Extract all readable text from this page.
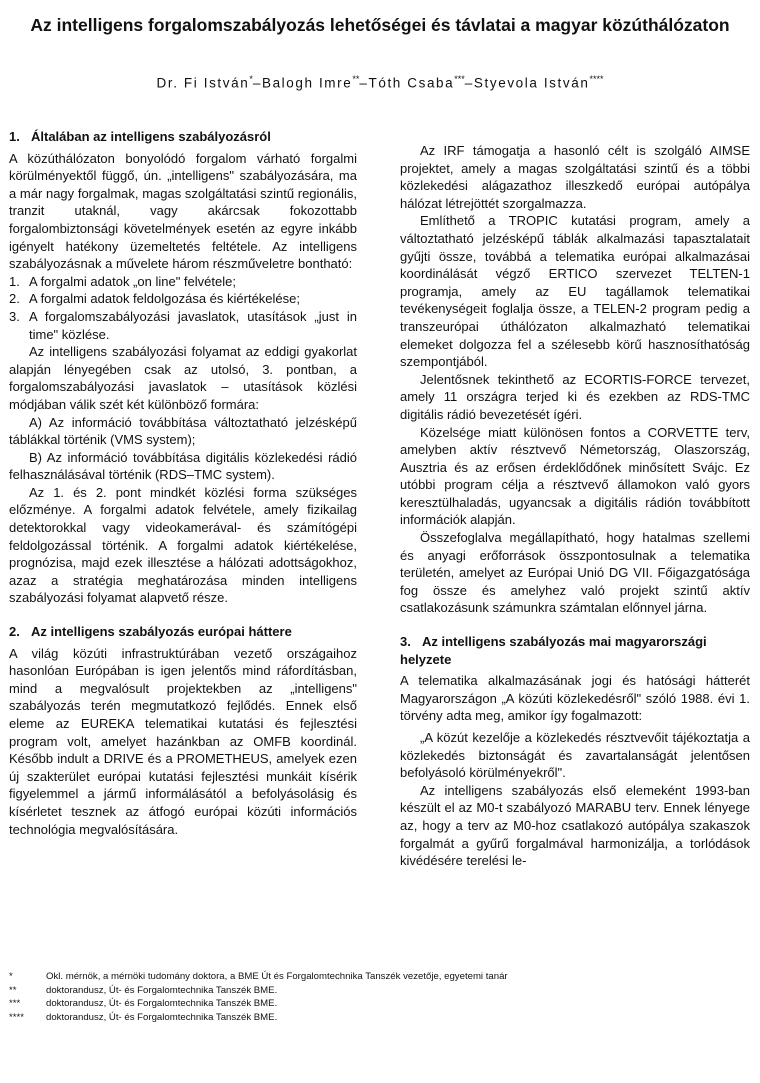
Az intelligens forgalomszabályozás lehetőségei és távlatai a magyar közúthálózaton
Dr. Fi István*–Balogh Imre**–Tóth Csaba***–Styevola István****
1. Általában az intelligens szabályozásról

A közúthálózaton bonyolódó forgalom várható forgalmi körülményektől függő, ún. „intelligens" szabályozására, ma a már nagy forgalmak, magas szolgáltatási szintű regionális, tranzit utaknál, vagy akárcsak fokozottabb forgalombiztonsági követelmények esetén az egyre inkább igényelt hatékony üzemeltetés feltétele. Az intelligens szabályozásnak a művelete három részműveletre bontható:

1. A forgalmi adatok „on line" felvétele;
2. A forgalmi adatok feldolgozása és kiértékelése;
3. A forgalomszabályozási javaslatok, utasítások „just in time" közlése.

Az intelligens szabályozási folyamat az eddigi gyakorlat alapján lényegében csak az utolsó, 3. pontban, a forgalomszabályozási javaslatok – utasítások közlési módjában válik szét két különböző formára:

A) Az információ továbbítása változtatható jelzésképű táblákkal történik (VMS system);

B) Az információ továbbítása digitális közlekedési rádió felhasználásával történik (RDS–TMC system).

Az 1. és 2. pont mindkét közlési forma szükséges előzménye. A forgalmi adatok felvétele, amely fizikailag detektorokkal vagy videokamerával- és számítógépi feldolgozással történik. A forgalmi adatok kiértékelése, prognózisa, majd ezek illesztése a hálózati adottságokhoz, azaz a stratégia meghatározása minden intelligens szabályozási folyamat alapvető része.

2. Az intelligens szabályozás európai háttere

A világ közúti infrastruktúrában vezető országaihoz hasonlóan Európában is igen jelentős mind ráfordításban, mind a megvalósult projektekben az „intelligens" szabályozás terén megmutatkozó fejlődés. Ennek első eleme az EUREKA telematikai kutatási és fejlesztési program volt, amelyet hazánkban az OMFB koordinál. Később indult a DRIVE és a PROMETHEUS, amelyek ezen új szakterület európai kutatási fejlesztési munkáit kísérik figyelemmel a jármű informálásától a befolyásolásig és kísérletet tesznek az átfogó európai közúti információs technológia megvalósítására.

Az IRF támogatja a hasonló célt is szolgáló AIMSE projektet, amely a magas szolgáltatási szintű és a többi közlekedési alágazathoz illeszkedő európai autópálya hálózat létrejöttét szorgalmazza.

Említhető a TROPIC kutatási program, amely a változtatható jelzésképű táblák alkalmazási tapasztalatait gyűjti össze, továbbá a telematika európai alkalmazásai koordinálását végző ERTICO szervezet TELTEN-1 programja, amely az EU tagállamok telematikai tevékenységeit foglalja össze, a TELEN-2 program pedig a transzeurópai úthálózaton alkalmazható telematikai elemeket dolgozza fel a szélesebb körű hasznosíthatóság szempontjából.

Jelentősnek tekinthető az ECORTIS-FORCE tervezet, amely 11 országra terjed ki és ezekben az RDS-TMC digitális rádió bevezetését ígéri.

Közelsége miatt különösen fontos a CORVETTE terv, amelyben aktív résztvevő Németország, Olaszország, Ausztria és az erősen érdeklődőnek minősített Svájc. Ez utóbbi program célja a résztvevő államokon való gyors keresztülhaladás, ugyancsak a digitális rádión továbbított információk alapján.

Összefoglalva megállapítható, hogy hatalmas szellemi és anyagi erőforrások összpontosulnak a telematika területén, amelyet az Európai Unió DG VII. Főigazgatósága fog össze és amelyhez való projekt szintű aktív csatlakozásunk számunkra számtalan előnnyel járna.

3. Az intelligens szabályozás mai magyarországi helyzete

A telematika alkalmazásának jogi és hatósági hátterét Magyarországon „A közúti közlekedésről" szóló 1988. évi 1. törvény adta meg, amikor így fogalmazott:

„A közút kezelője a közlekedés résztvevőit tájékoztatja a közlekedés biztonságát és zavartalanságát jelentősen befolyásoló körülményekről".

Az intelligens szabályozás első elemeként 1993-ban készült el az M0-t szabályozó MARABU terv. Ennek lényege az, hogy a terv az M0-hoz csatlakozó autópálya szakaszok forgalmát a gyűrű forgalmával harmonizálja, a torlódások kivédésére terelési le-

*	Okl. mérnök, a mérnöki tudomány doktora, a BME Út és Forgalomtechnika Tanszék vezetője, egyetemi tanár
**	doktorandusz, Út- és Forgalomtechnika Tanszék BME.
***	doktorandusz, Út- és Forgalomtechnika Tanszék BME.
**** doktorandusz, Út- és Forgalomtechnika Tanszék BME.
